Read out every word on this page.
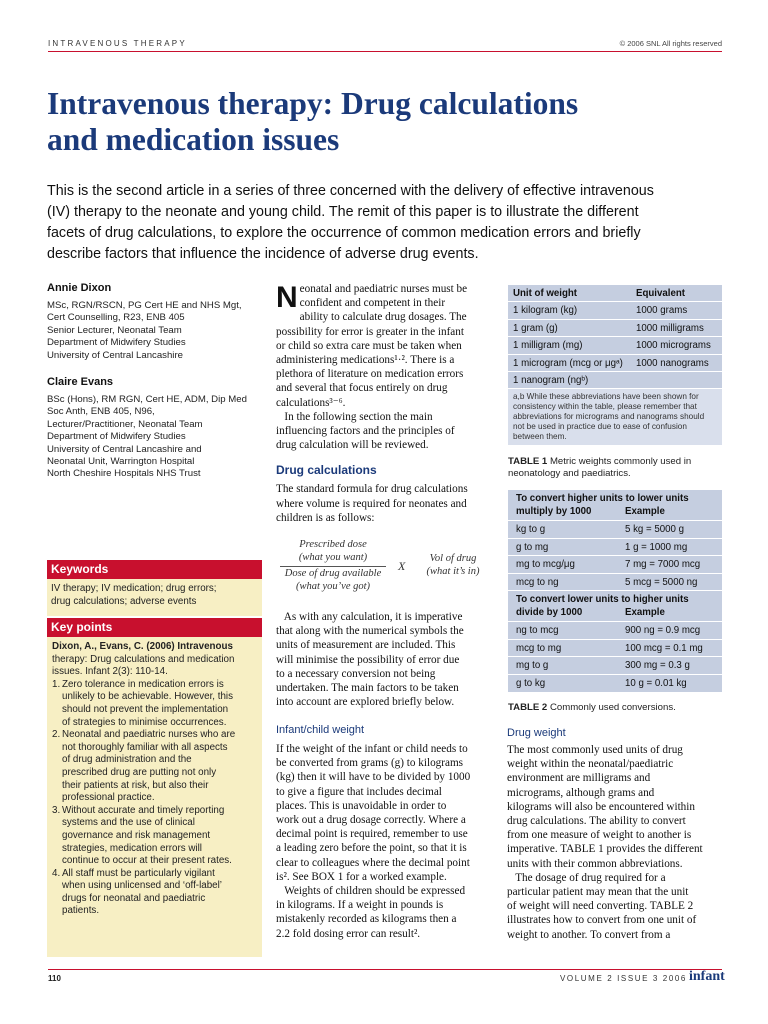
INTRAVENOUS THERAPY	© 2006 SNL All rights reserved
Intravenous therapy: Drug calculations
and medication issues
This is the second article in a series of three concerned with the delivery of effective intravenous
(IV) therapy to the neonate and young child. The remit of this paper is to illustrate the different
facets of drug calculations, to explore the occurrence of common medication errors and briefly
describe factors that influence the incidence of adverse drug events.
Annie Dixon
MSc, RGN/RSCN, PG Cert HE and NHS Mgt,
Cert Counselling, R23, ENB 405
Senior Lecturer, Neonatal Team
Department of Midwifery Studies
University of Central Lancashire
Claire Evans
BSc (Hons), RM RGN, Cert HE, ADM, Dip Med
Soc Anth, ENB 405, N96,
Lecturer/Practitioner, Neonatal Team
Department of Midwifery Studies
University of Central Lancashire and
Neonatal Unit, Warrington Hospital
North Cheshire Hospitals NHS Trust
Keywords
IV therapy; IV medication; drug errors;
drug calculations; adverse events
Key points
Dixon, A., Evans, C. (2006) Intravenous
therapy: Drug calculations and medication
issues. Infant 2(3): 110-14.
1. Zero tolerance in medication errors is
unlikely to be achievable. However, this
should not prevent the implementation
of strategies to minimise occurrences.
2. Neonatal and paediatric nurses who are
not thoroughly familiar with all aspects
of drug administration and the
prescribed drug are putting not only
their patients at risk, but also their
professional practice.
3. Without accurate and timely reporting
systems and the use of clinical
governance and risk management
strategies, medication errors will
continue to occur at their present rates.
4. All staff must be particularly vigilant
when using unlicensed and ‘off-label’
drugs for neonatal and paediatric
patients.
N eonatal and paediatric nurses must be
confident and competent in their
ability to calculate drug dosages. The
possibility for error is greater in the infant
or child so extra care must be taken when
administering medications¹·². There is a
plethora of literature on medication errors
and several that focus entirely on drug
calculations³⁻⁶.
In the following section the main
influencing factors and the principles of
drug calculation will be reviewed.
Drug calculations
The standard formula for drug calculations
where volume is required for neonates and
children is as follows:
Prescribed dose
(what you want)
Dose of drug available
(what you’ve got)
X
Vol of drug
(what it’s in)
As with any calculation, it is imperative
that along with the numerical symbols the
units of measurement are included. This
will minimise the possibility of error due
to a necessary conversion not being
undertaken. The main factors to be taken
into account are explored briefly below.
Infant/child weight
If the weight of the infant or child needs to
be converted from grams (g) to kilograms
(kg) then it will have to be divided by 1000
to give a figure that includes decimal
places. This is unavoidable in order to
work out a drug dosage correctly. Where a
decimal point is required, remember to use
a leading zero before the point, so that it is
clear to colleagues where the decimal point
is². See BOX 1 for a worked example.
Weights of children should be expressed
in kilograms. If a weight in pounds is
mistakenly recorded as kilograms then a
2.2 fold dosing error can result².
Unit of weight	Equivalent
1 kilogram (kg)	1000 grams
1 gram (g)	1000 milligrams
1 milligram (mg)	1000 micrograms
1 microgram (mcg or μgᵃ) 1000 nanograms
1 nanogram (ngᵇ)
a,b While these abbreviations have been shown for
consistency within the table, please remember that
abbreviations for micrograms and nanograms should
not be used in practice due to ease of confusion
between them.
TABLE 1 Metric weights commonly used in
neonatology and paediatrics.
To convert higher units to lower units
multiply by 1000	Example
kg to g	5 kg = 5000 g
g to mg	1 g = 1000 mg
mg to mcg/μg	7 mg = 7000 mcg
mcg to ng	5 mcg = 5000 ng
To convert lower units to higher units
divide by 1000	Example
ng to mcg	900 ng = 0.9 mcg
mcg to mg	100 mcg = 0.1 mg
mg to g	300 mg = 0.3 g
g to kg	10 g = 0.01 kg
TABLE 2 Commonly used conversions.
Drug weight
The most commonly used units of drug
weight within the neonatal/paediatric
environment are milligrams and
micrograms, although grams and
kilograms will also be encountered within
drug calculations. The ability to convert
from one measure of weight to another is
imperative. TABLE 1 provides the different
units with their common abbreviations.
The dosage of drug required for a
particular patient may mean that the unit
of weight will need converting. TABLE 2
illustrates how to convert from one unit of
weight to another. To convert from a
110	VOLUME 2 ISSUE 3 2006 infant
